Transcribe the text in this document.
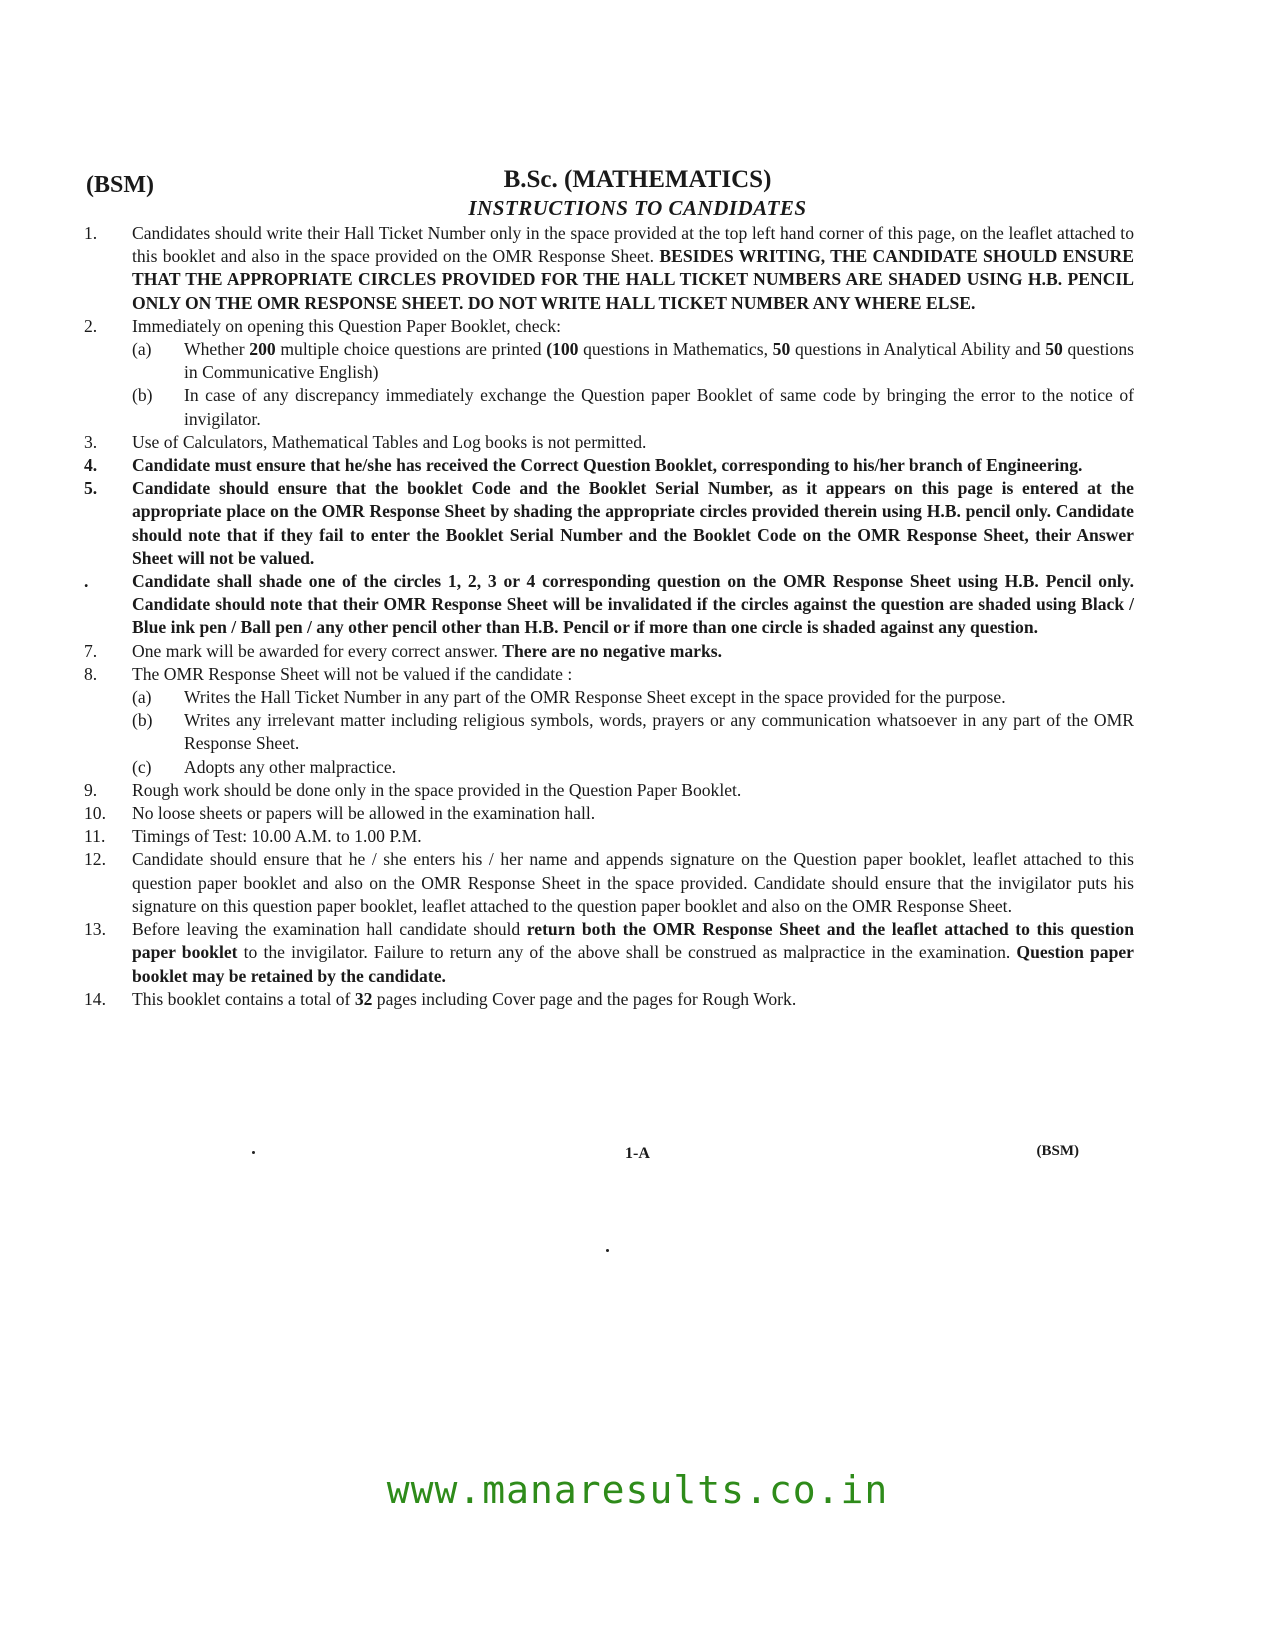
(BSM)	B.Sc. (MATHEMATICS)
INSTRUCTIONS TO CANDIDATES
1.	Candidates should write their Hall Ticket Number only in the space provided at the top left hand corner of this page, on the leaflet attached to this booklet and also in the space provided on the OMR Response Sheet. BESIDES WRITING, THE CANDIDATE SHOULD ENSURE THAT THE APPROPRIATE CIRCLES PROVIDED FOR THE HALL TICKET NUMBERS ARE SHADED USING H.B. PENCIL ONLY ON THE OMR RESPONSE SHEET. DO NOT WRITE HALL TICKET NUMBER ANY WHERE ELSE.
2.	Immediately on opening this Question Paper Booklet, check:
(a)	Whether 200 multiple choice questions are printed (100 questions in Mathematics, 50 questions in Analytical Ability and 50 questions in Communicative English)
(b)	In case of any discrepancy immediately exchange the Question paper Booklet of same code by bringing the error to the notice of invigilator.
3.	Use of Calculators, Mathematical Tables and Log books is not permitted.
4.	Candidate must ensure that he/she has received the Correct Question Booklet, corresponding to his/her branch of Engineering.
5.	Candidate should ensure that the booklet Code and the Booklet Serial Number, as it appears on this page is entered at the appropriate place on the OMR Response Sheet by shading the appropriate circles provided therein using H.B. pencil only. Candidate should note that if they fail to enter the Booklet Serial Number and the Booklet Code on the OMR Response Sheet, their Answer Sheet will not be valued.
.	Candidate shall shade one of the circles 1, 2, 3 or 4 corresponding question on the OMR Response Sheet using H.B. Pencil only. Candidate should note that their OMR Response Sheet will be invalidated if the circles against the question are shaded using Black / Blue ink pen / Ball pen / any other pencil other than H.B. Pencil or if more than one circle is shaded against any question.
7.	One mark will be awarded for every correct answer. There are no negative marks.
8.	The OMR Response Sheet will not be valued if the candidate :
(a)	Writes the Hall Ticket Number in any part of the OMR Response Sheet except in the space provided for the purpose.
(b)	Writes any irrelevant matter including religious symbols, words, prayers or any communication whatsoever in any part of the OMR Response Sheet.
(c)	Adopts any other malpractice.
9.	Rough work should be done only in the space provided in the Question Paper Booklet.
10.	No loose sheets or papers will be allowed in the examination hall.
11.	Timings of Test: 10.00 A.M. to 1.00 P.M.
12.	Candidate should ensure that he / she enters his / her name and appends signature on the Question paper booklet, leaflet attached to this question paper booklet and also on the OMR Response Sheet in the space provided. Candidate should ensure that the invigilator puts his signature on this question paper booklet, leaflet attached to the question paper booklet and also on the OMR Response Sheet.
13.	Before leaving the examination hall candidate should return both the OMR Response Sheet and the leaflet attached to this question paper booklet to the invigilator. Failure to return any of the above shall be construed as malpractice in the examination. Question paper booklet may be retained by the candidate.
14.	This booklet contains a total of 32 pages including Cover page and the pages for Rough Work.
1-A	(BSM)
www.manaresults.co.in
